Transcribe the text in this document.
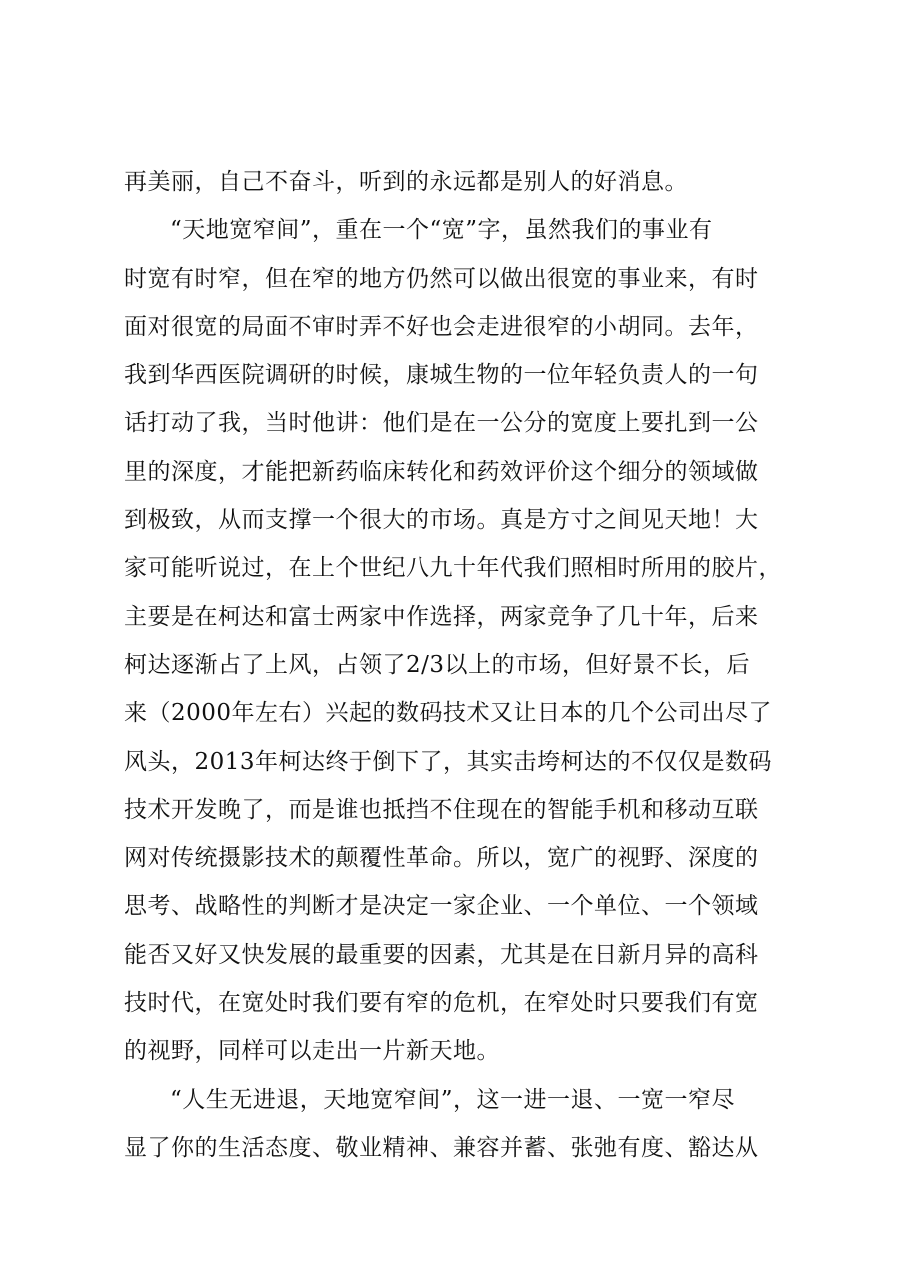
再美丽，自己不奋斗，听到的永远都是别人的好消息。
“天地宽窄间”，重在一个“宽”字，虽然我们的事业有
时宽有时窄，但在窄的地方仍然可以做出很宽的事业来，有时
面对很宽的局面不审时弄不好也会走进很窄的小胡同。去年，
我到华西医院调研的时候，康城生物的一位年轻负责人的一句
话打动了我，当时他讲：他们是在一公分的宽度上要扎到一公
里的深度，才能把新药临床转化和药效评价这个细分的领域做
到极致，从而支撑一个很大的市场。真是方寸之间见天地！大
家可能听说过，在上个世纪八九十年代我们照相时所用的胶片，
主要是在柯达和富士两家中作选择，两家竞争了几十年，后来
柯达逐渐占了上风，占领了2/3以上的市场，但好景不长，后
来（2000年左右）兴起的数码技术又让日本的几个公司出尽了
风头，2013年柯达终于倒下了，其实击垮柯达的不仅仅是数码
技术开发晚了，而是谁也抵挡不住现在的智能手机和移动互联
网对传统摄影技术的颠覆性革命。所以，宽广的视野、深度的
思考、战略性的判断才是决定一家企业、一个单位、一个领域
能否又好又快发展的最重要的因素，尤其是在日新月异的高科
技时代，在宽处时我们要有窄的危机，在窄处时只要我们有宽
的视野，同样可以走出一片新天地。
“人生无进退，天地宽窄间”，这一进一退、一宽一窄尽
显了你的生活态度、敬业精神、兼容并蓄、张弛有度、豁达从
